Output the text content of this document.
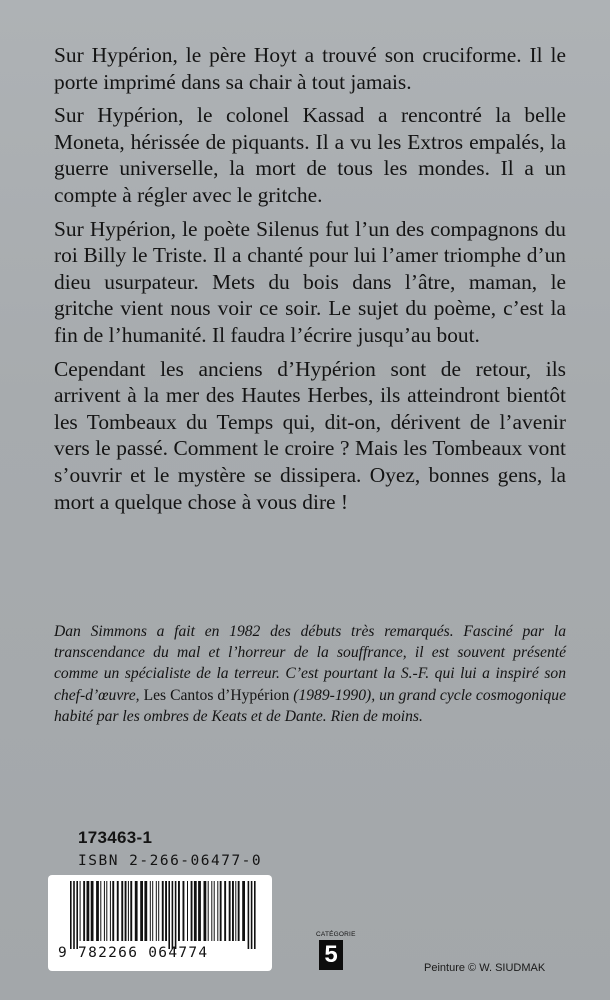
Sur Hypérion, le père Hoyt a trouvé son cruciforme. Il le porte imprimé dans sa chair à tout jamais.

Sur Hypérion, le colonel Kassad a rencontré la belle Moneta, hérissée de piquants. Il a vu les Extros empalés, la guerre universelle, la mort de tous les mondes. Il a un compte à régler avec le gritche.

Sur Hypérion, le poète Silenus fut l’un des compagnons du roi Billy le Triste. Il a chanté pour lui l’amer triomphe d’un dieu usurpateur. Mets du bois dans l’âtre, maman, le gritche vient nous voir ce soir. Le sujet du poème, c’est la fin de l’humanité. Il faudra l’écrire jusqu’au bout.

Cependant les anciens d’Hypérion sont de retour, ils arrivent à la mer des Hautes Herbes, ils atteindront bientôt les Tombeaux du Temps qui, dit-on, dérivent de l’avenir vers le passé. Comment le croire ? Mais les Tombeaux vont s’ouvrir et le mystère se dissipera. Oyez, bonnes gens, la mort a quelque chose à vous dire !

Dan Simmons a fait en 1982 des débuts très remarqués. Fasciné par la transcendance du mal et l’horreur de la souffrance, il est souvent présenté comme un spécialiste de la terreur. C’est pourtant la S.-F. qui lui a inspiré son chef-d’œuvre, Les Cantos d’Hypérion (1989-1990), un grand cycle cosmogonique habité par les ombres de Keats et de Dante. Rien de moins.
173463-1
ISBN 2-266-06477-0
9 782266 064774
CATÉGORIE
5	Peinture © W. SIUDMAK
